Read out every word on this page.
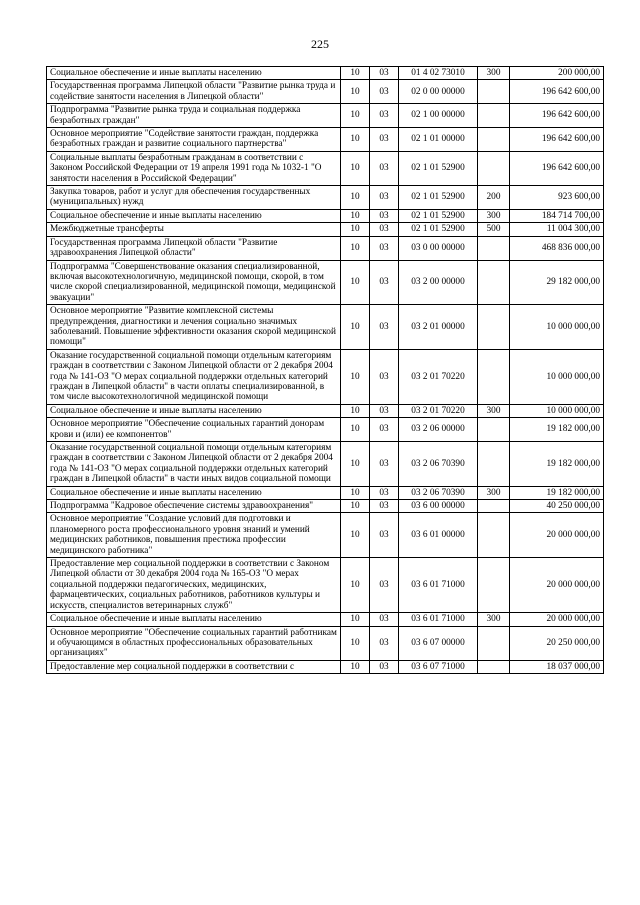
225
Социальное обеспечение и иные выплаты населению	10	03	01 4 02 73010	300	200 000,00
Государственная программа Липецкой области "Развитие рынка труда и содействие занятости населения в Липецкой области"	10	03	02 0 00 00000		196 642 600,00
Подпрограмма "Развитие рынка труда и социальная поддержка безработных граждан"	10	03	02 1 00 00000		196 642 600,00
Основное мероприятие "Содействие занятости граждан, поддержка безработных граждан и развитие социального партнерства"	10	03	02 1 01 00000		196 642 600,00
Социальные выплаты безработным гражданам в соответствии с Законом Российской Федерации от 19 апреля 1991 года № 1032-1 "О занятости населения в Российской Федерации"	10	03	02 1 01 52900		196 642 600,00
Закупка товаров, работ и услуг для обеспечения государственных (муниципальных) нужд	10	03	02 1 01 52900	200	923 600,00
Социальное обеспечение и иные выплаты населению	10	03	02 1 01 52900	300	184 714 700,00
Межбюджетные трансферты	10	03	02 1 01 52900	500	11 004 300,00
Государственная программа Липецкой области "Развитие здравоохранения Липецкой области"	10	03	03 0 00 00000		468 836 000,00
Подпрограмма "Совершенствование оказания специализированной, включая высокотехнологичную, медицинской помощи, скорой, в том числе скорой специализированной, медицинской помощи, медицинской эвакуации"	10	03	03 2 00 00000		29 182 000,00
Основное мероприятие "Развитие комплексной системы предупреждения, диагностики и лечения социально значимых заболеваний. Повышение эффективности оказания скорой медицинской помощи"	10	03	03 2 01 00000		10 000 000,00
Оказание государственной социальной помощи отдельным категориям граждан в соответствии с Законом Липецкой области от 2 декабря 2004 года № 141-ОЗ "О мерах социальной поддержки отдельных категорий граждан в Липецкой области" в части оплаты специализированной, в том числе высокотехнологичной медицинской помощи	10	03	03 2 01 70220		10 000 000,00
Социальное обеспечение и иные выплаты населению	10	03	03 2 01 70220	300	10 000 000,00
Основное мероприятие "Обеспечение социальных гарантий донорам крови и (или) ее компонентов"	10	03	03 2 06 00000		19 182 000,00
Оказание государственной социальной помощи отдельным категориям граждан в соответствии с Законом Липецкой области от 2 декабря 2004 года № 141-ОЗ "О мерах социальной поддержки отдельных категорий граждан в Липецкой области" в части иных видов социальной помощи	10	03	03 2 06 70390		19 182 000,00
Социальное обеспечение и иные выплаты населению	10	03	03 2 06 70390	300	19 182 000,00
Подпрограмма "Кадровое обеспечение системы здравоохранения"	10	03	03 6 00 00000		40 250 000,00
Основное мероприятие "Создание условий для подготовки и планомерного роста профессионального уровня знаний и умений медицинских работников, повышения престижа профессии медицинского работника"	10	03	03 6 01 00000		20 000 000,00
Предоставление мер социальной поддержки в соответствии с Законом Липецкой области от 30 декабря 2004 года № 165-ОЗ "О мерах социальной поддержки педагогических, медицинских, фармацевтических, социальных работников, работников культуры и искусств, специалистов ветеринарных служб"	10	03	03 6 01 71000		20 000 000,00
Социальное обеспечение и иные выплаты населению	10	03	03 6 01 71000	300	20 000 000,00
Основное мероприятие "Обеспечение социальных гарантий работникам и обучающимся в областных профессиональных образовательных организациях"	10	03	03 6 07 00000		20 250 000,00
Предоставление мер социальной поддержки в соответствии с	10	03	03 6 07 71000		18 037 000,00
